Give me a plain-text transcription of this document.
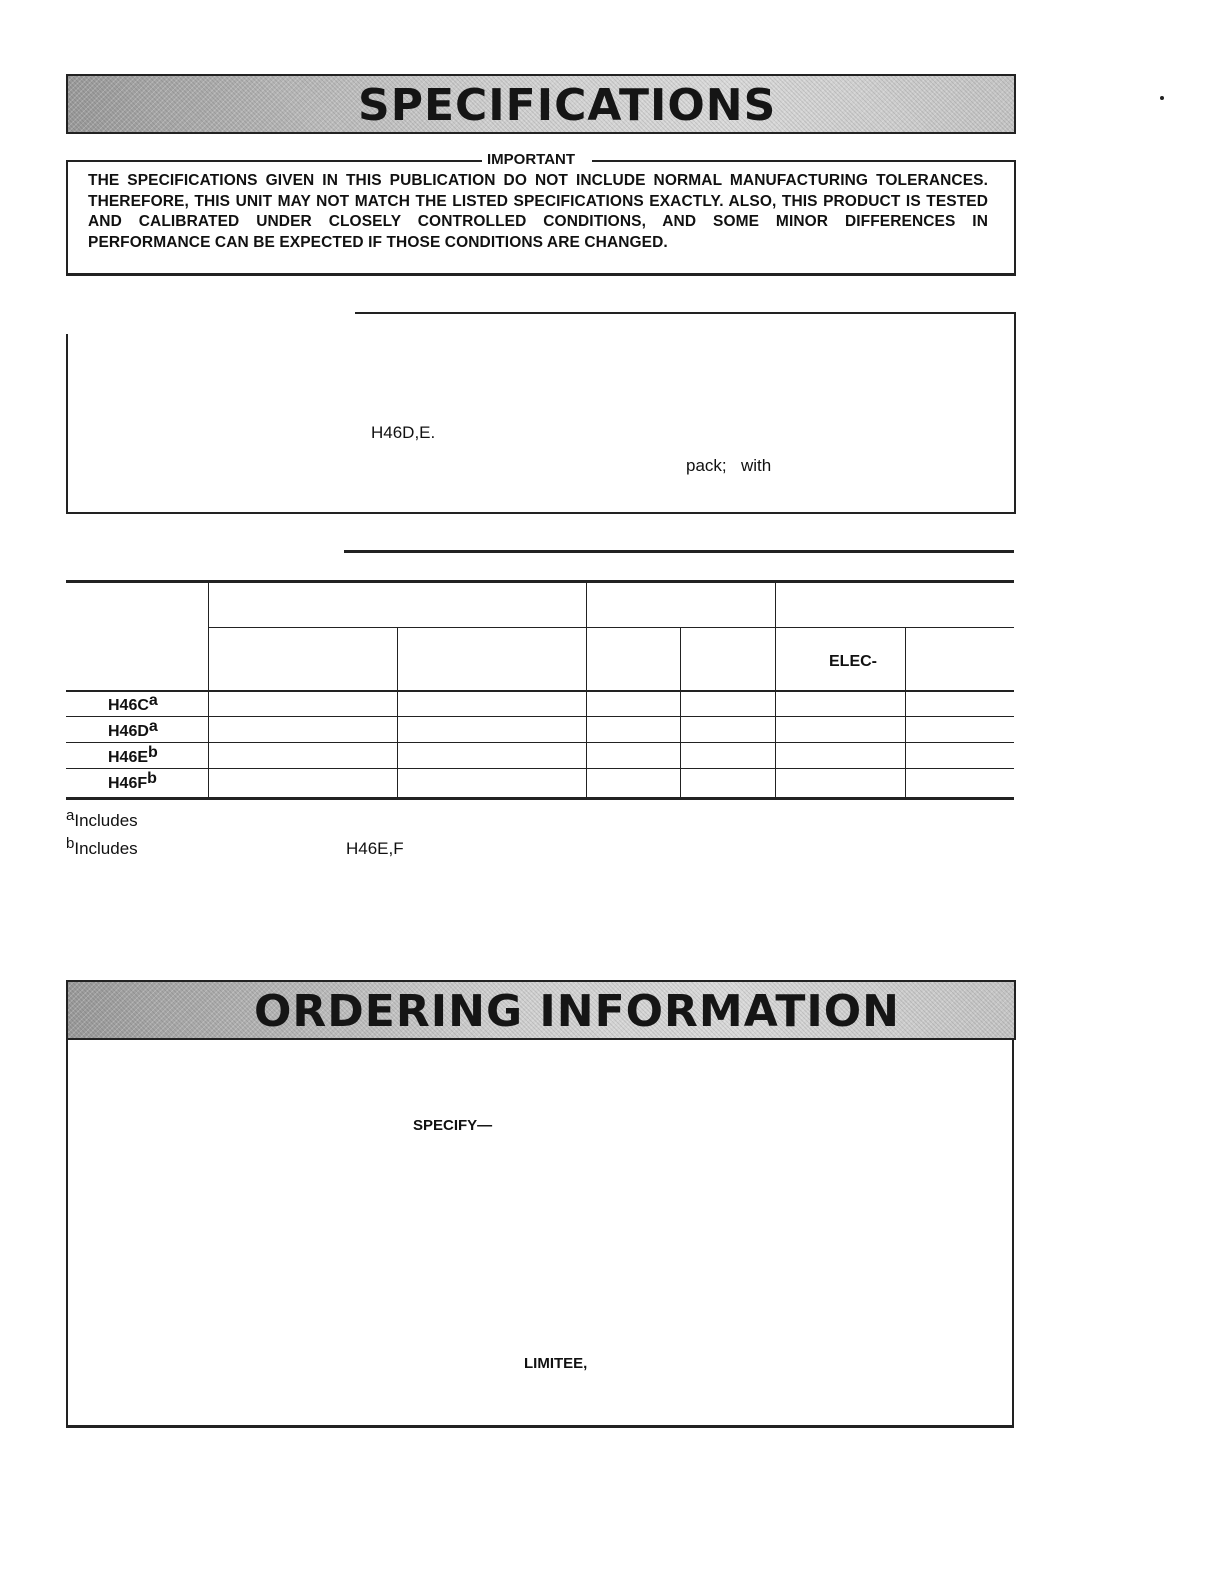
SPECIFICATIONS
IMPORTANT
THE SPECIFICATIONS GIVEN IN THIS PUBLICATION DO NOT INCLUDE NORMAL MANUFACTURING TOLERANCES. THEREFORE, THIS UNIT MAY NOT MATCH THE LISTED SPECIFICATIONS EXACTLY. ALSO, THIS PRODUCT IS TESTED AND CALIBRATED UNDER CLOSELY CONTROLLED CONDITIONS, AND SOME MINOR DIFFERENCES IN PERFORMANCE CAN BE EXPECTED IF THOSE CONDITIONS ARE CHANGED.
H46D,E.
pack; with
ELEC-
$H46C^a$
$H46D^a$
$H46E^b$
$H46F^b$
$^a$Includes
$^b$Includes	H46E,F
ORDERING INFORMATION
SPECIFY—
LIMITEE,
